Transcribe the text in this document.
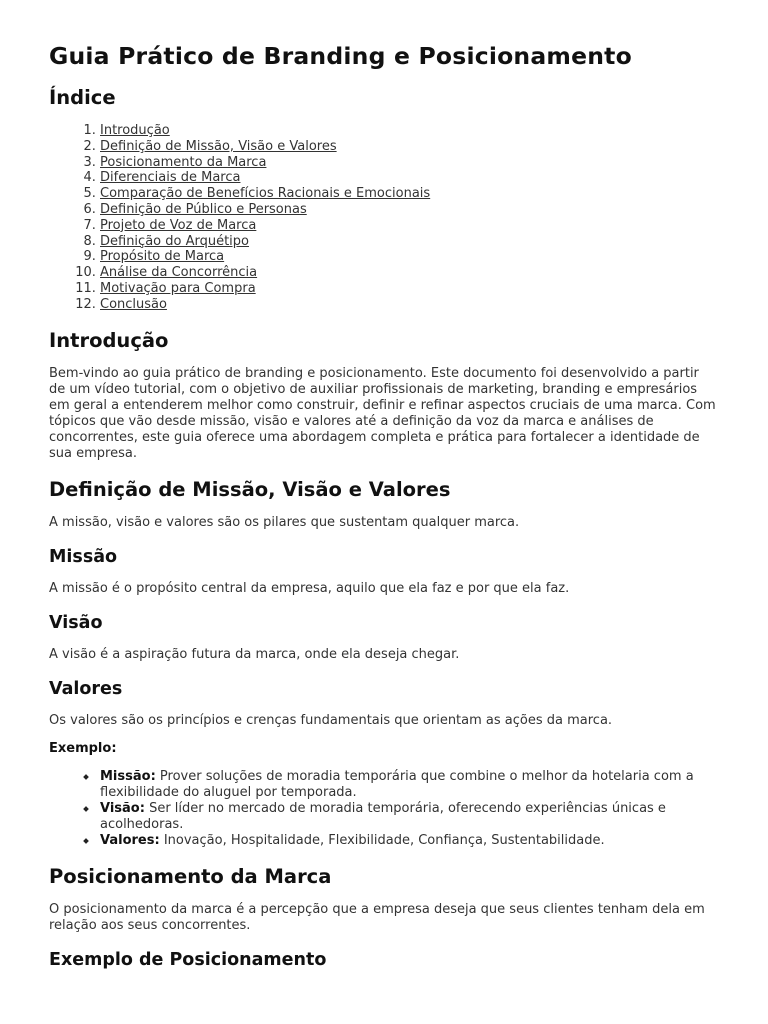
Guia Prático de Branding e Posicionamento
Índice
1. Introdução
2. Definição de Missão, Visão e Valores
3. Posicionamento da Marca
4. Diferenciais de Marca
5. Comparação de Benefícios Racionais e Emocionais
6. Definição de Público e Personas
7. Projeto de Voz de Marca
8. Definição do Arquétipo
9. Propósito de Marca
10. Análise da Concorrência
11. Motivação para Compra
12. Conclusão
Introdução

Bem-vindo ao guia prático de branding e posicionamento. Este documento foi desenvolvido a partir de um vídeo tutorial, com o objetivo de auxiliar profissionais de marketing, branding e empresários em geral a entenderem melhor como construir, definir e refinar aspectos cruciais de uma marca. Com tópicos que vão desde missão, visão e valores até a definição da voz da marca e análises de concorrentes, este guia oferece uma abordagem completa e prática para fortalecer a identidade de sua empresa.

Definição de Missão, Visão e Valores

A missão, visão e valores são os pilares que sustentam qualquer marca.

Missão

A missão é o propósito central da empresa, aquilo que ela faz e por que ela faz.

Visão

A visão é a aspiração futura da marca, onde ela deseja chegar.

Valores

Os valores são os princípios e crenças fundamentais que orientam as ações da marca.

Exemplo:

Missão: Prover soluções de moradia temporária que combine o melhor da hotelaria com a flexibilidade do aluguel por temporada.
Visão: Ser líder no mercado de moradia temporária, oferecendo experiências únicas e acolhedoras.
Valores: Inovação, Hospitalidade, Flexibilidade, Confiança, Sustentabilidade.
Posicionamento da Marca

O posicionamento da marca é a percepção que a empresa deseja que seus clientes tenham dela em relação aos seus concorrentes.

Exemplo de Posicionamento
